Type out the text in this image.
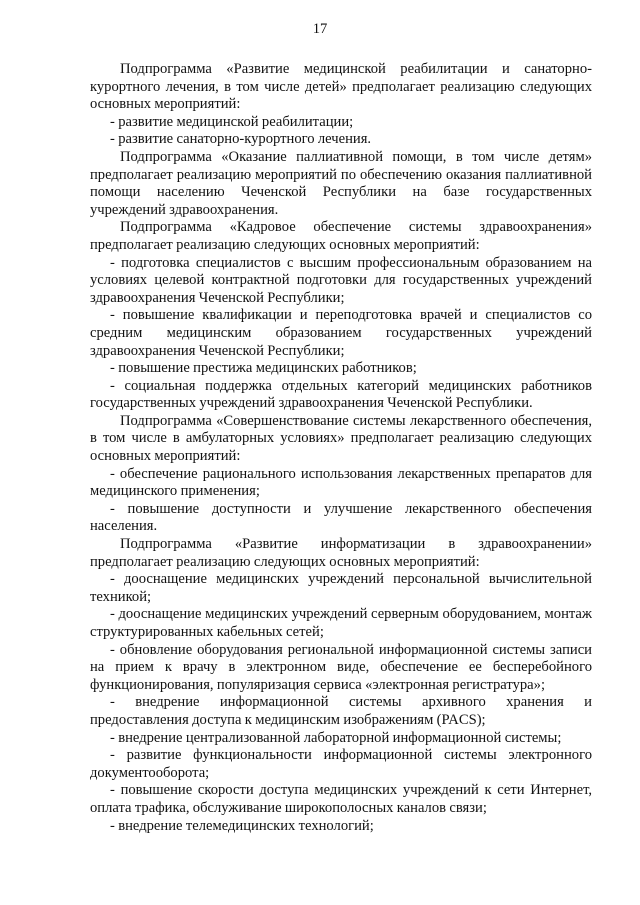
17

Подпрограмма «Развитие медицинской реабилитации и санаторно-курортного лечения, в том числе детей» предполагает реализацию следующих основных мероприятий:

- развитие медицинской реабилитации;

- развитие санаторно-курортного лечения.

Подпрограмма «Оказание паллиативной помощи, в том числе детям» предполагает реализацию мероприятий по обеспечению оказания паллиативной помощи населению Чеченской Республики на базе государственных учреждений здравоохранения.

Подпрограмма «Кадровое обеспечение системы здравоохранения» предполагает реализацию следующих основных мероприятий:

- подготовка специалистов с высшим профессиональным образованием на условиях целевой контрактной подготовки для государственных учреждений здравоохранения Чеченской Республики;

- повышение квалификации и переподготовка врачей и специалистов со средним медицинским образованием государственных учреждений здравоохранения Чеченской Республики;

- повышение престижа медицинских работников;

- социальная поддержка отдельных категорий медицинских работников государственных учреждений здравоохранения Чеченской Республики.

Подпрограмма «Совершенствование системы лекарственного обеспечения, в том числе в амбулаторных условиях» предполагает реализацию следующих основных мероприятий:

- обеспечение рационального использования лекарственных препаратов для медицинского применения;

- повышение доступности и улучшение лекарственного обеспечения населения.

Подпрограмма «Развитие информатизации в здравоохранении» предполагает реализацию следующих основных мероприятий:

- дооснащение медицинских учреждений персональной вычислительной техникой;

- дооснащение медицинских учреждений серверным оборудованием, монтаж структурированных кабельных сетей;

- обновление оборудования региональной информационной системы записи на прием к врачу в электронном виде, обеспечение ее бесперебойного функционирования, популяризация сервиса «электронная регистратура»;

- внедрение информационной системы архивного хранения и предоставления доступа к медицинским изображениям (PACS);

- внедрение централизованной лабораторной информационной системы;

- развитие функциональности информационной системы электронного документооборота;

- повышение скорости доступа медицинских учреждений к сети Интернет, оплата трафика, обслуживание широкополосных каналов связи;

- внедрение телемедицинских технологий;
